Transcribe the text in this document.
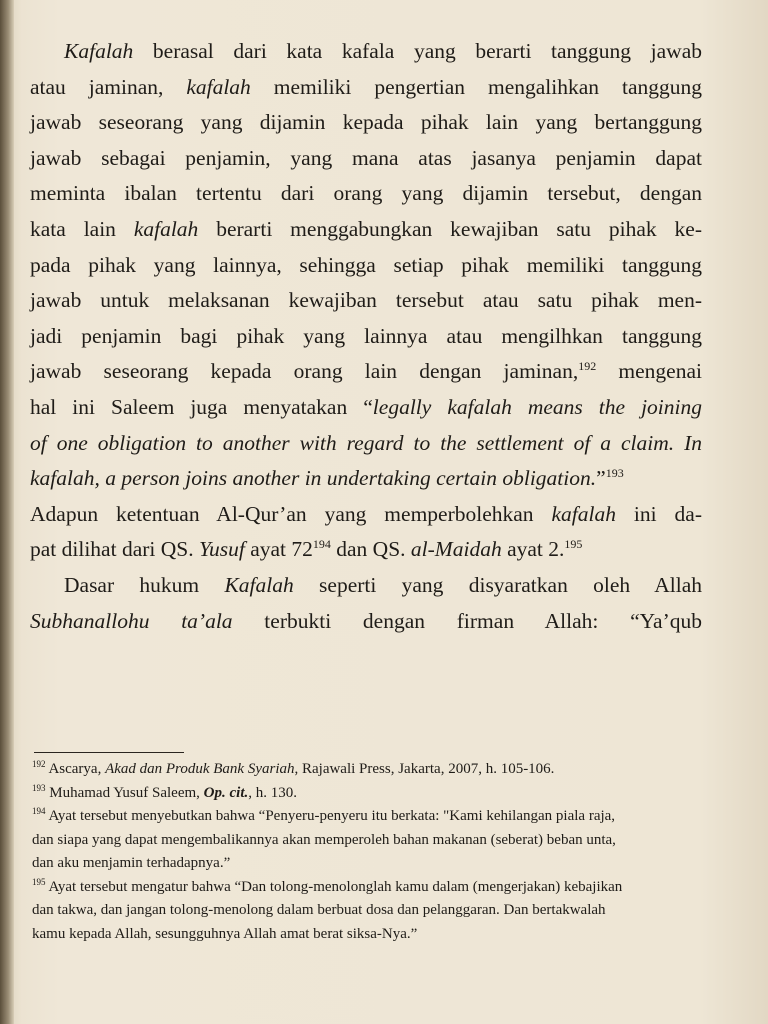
Kafalah berasal dari kata kafala yang berarti tanggung jawab
atau jaminan, kafalah memiliki pengertian mengalihkan tanggung
jawab seseorang yang dijamin kepada pihak lain yang bertanggung
jawab sebagai penjamin, yang mana atas jasanya penjamin dapat
meminta ibalan tertentu dari orang yang dijamin tersebut, dengan
kata lain kafalah berarti menggabungkan kewajiban satu pihak ke-
pada pihak yang lainnya, sehingga setiap pihak memiliki tanggung
jawab untuk melaksanan kewajiban tersebut atau satu pihak men-
jadi penjamin bagi pihak yang lainnya atau mengilhkan tanggung
jawab seseorang kepada orang lain dengan jaminan,$^{192}$ mengenai
hal ini Saleem juga menyatakan “legally kafalah means the joining
of one obligation to another with regard to the settlement of a claim. In
kafalah, a person joins another in undertaking certain obligation.”$^{193}$
Adapun ketentuan Al-Qur’an yang memperbolehkan kafalah ini da-
pat dilihat dari QS. Yusuf ayat $72^{194}$ dan QS. al-Maidah ayat 2.$^{195}$

Dasar hukum Kafalah seperti yang disyaratkan oleh Allah
Subhanallohu ta’ala terbukti dengan firman Allah: “Ya’qub

$^{192}$ Ascarya, Akad dan Produk Bank Syariah, Rajawali Press, Jakarta, 2007, h. 105-106.

$^{193}$ Muhamad Yusuf Saleem, Op. cit., h. 130.

$^{194}$ Ayat tersebut menyebutkan bahwa “Penyeru-penyeru itu berkata: "Kami kehilangan piala raja,
dan siapa yang dapat mengembalikannya akan memperoleh bahan makanan (seberat) beban unta,
dan aku menjamin terhadapnya.”

$^{195}$ Ayat tersebut mengatur bahwa “Dan tolong-menolonglah kamu dalam (mengerjakan) kebajikan
dan takwa, dan jangan tolong-menolong dalam berbuat dosa dan pelanggaran. Dan bertakwalah
kamu kepada Allah, sesungguhnya Allah amat berat siksa-Nya.”
